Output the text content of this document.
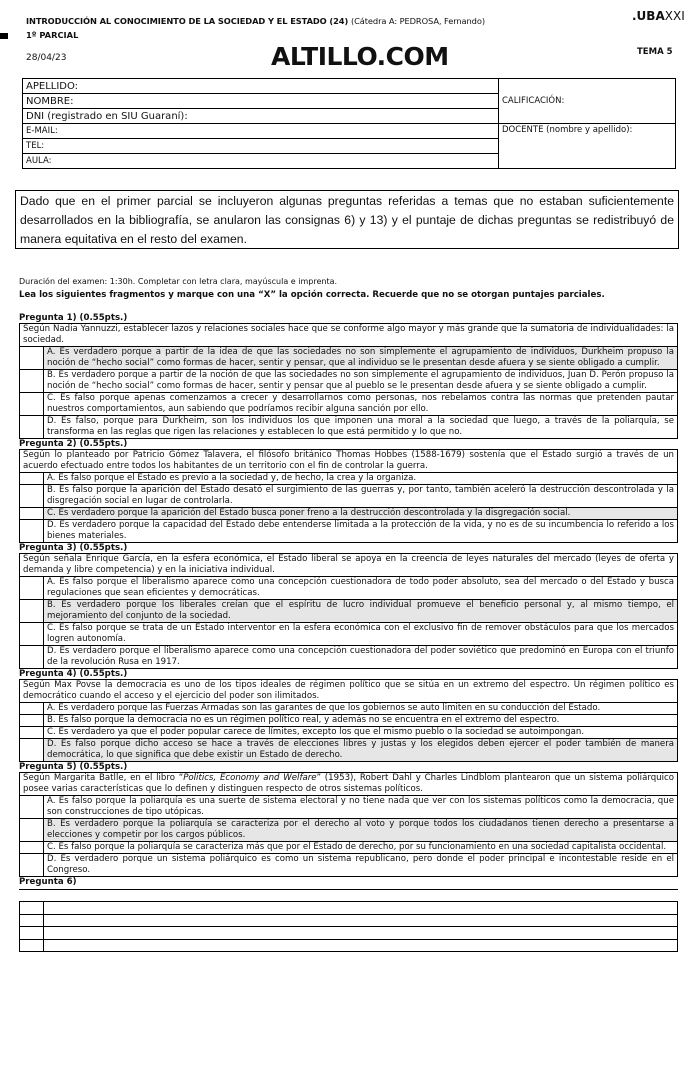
INTRODUCCIÓN AL CONOCIMIENTO DE LA SOCIEDAD Y EL ESTADO (24) (Cátedra A: PEDROSA, Fernando)
1º PARCIAL
.UBAXXI
28/04/23	ALTILLO.COM	TEMA 5
APELLIDO:	CALIFICACIÓN:
NOMBRE:	
DNI (registrado en SIU Guaraní):	
E-MAIL:	DOCENTE (nombre y apellido):
TEL:	
AULA:	
Dado que en el primer parcial se incluyeron algunas preguntas referidas a temas que no estaban suficientemente desarrollados en la bibliografía, se anularon las consignas 6) y 13) y el puntaje de dichas preguntas se redistribuyó de manera equitativa en el resto del examen.
Duración del examen: 1:30h. Completar con letra clara, mayúscula e imprenta.
Lea los siguientes fragmentos y marque con una “X” la opción correcta. Recuerde que no se otorgan puntajes parciales.
Pregunta 1) (0.55pts.)
Según Nadia Yannuzzi, establecer lazos y relaciones sociales hace que se conforme algo mayor y más grande que la sumatoria de individualidades: la sociedad.
A. Es verdadero porque a partir de la idea de que las sociedades no son simplemente el agrupamiento de individuos, Durkheim propuso la noción de “hecho social” como formas de hacer, sentir y pensar, que al individuo se le presentan desde afuera y se siente obligado a cumplir.
B. Es verdadero porque a partir de la noción de que las sociedades no son simplemente el agrupamiento de individuos, Juan D. Perón propuso la noción de “hecho social” como formas de hacer, sentir y pensar que al pueblo se le presentan desde afuera y se siente obligado a cumplir.
C. Es falso porque apenas comenzamos a crecer y desarrollarnos como personas, nos rebelamos contra las normas que pretenden pautar nuestros comportamientos, aun sabiendo que podríamos recibir alguna sanción por ello.
D. Es falso, porque para Durkheim, son los individuos los que imponen una moral a la sociedad que luego, a través de la poliarquía, se transforma en las reglas que rigen las relaciones y establecen lo que está permitido y lo que no.
Pregunta 2) (0.55pts.)
Según lo planteado por Patricio Gómez Talavera, el filósofo británico Thomas Hobbes (1588-1679) sostenía que el Estado surgió a través de un acuerdo efectuado entre todos los habitantes de un territorio con el fin de controlar la guerra.
A. Es falso porque el Estado es previo a la sociedad y, de hecho, la crea y la organiza.
B. Es falso porque la aparición del Estado desató el surgimiento de las guerras y, por tanto, también aceleró la destrucción descontrolada y la disgregación social en lugar de controlarla.
C. Es verdadero porque la aparición del Estado busca poner freno a la destrucción descontrolada y la disgregación social.
D. Es verdadero porque la capacidad del Estado debe entenderse limitada a la protección de la vida, y no es de su incumbencia lo referido a los bienes materiales.
Pregunta 3) (0.55pts.)
Según señala Enrique García, en la esfera económica, el Estado liberal se apoya en la creencia de leyes naturales del mercado (leyes de oferta y demanda y libre competencia) y en la iniciativa individual.
A. Es falso porque el liberalismo aparece como una concepción cuestionadora de todo poder absoluto, sea del mercado o del Estado y busca regulaciones que sean eficientes y democráticas.
B. Es verdadero porque los liberales creían que el espíritu de lucro individual promueve el beneficio personal y, al mismo tiempo, el mejoramiento del conjunto de la sociedad.
C. Es falso porque se trata de un Estado interventor en la esfera económica con el exclusivo fin de remover obstáculos para que los mercados logren autonomía.
D. Es verdadero porque el liberalismo aparece como una concepción cuestionadora del poder soviético que predominó en Europa con el triunfo de la revolución Rusa en 1917.
Pregunta 4) (0.55pts.)
Según Max Povse la democracia es uno de los tipos ideales de régimen político que se sitúa en un extremo del espectro. Un régimen político es democrático cuando el acceso y el ejercicio del poder son ilimitados.
A. Es verdadero porque las Fuerzas Armadas son las garantes de que los gobiernos se auto limiten en su conducción del Estado.
B. Es falso porque la democracia no es un régimen político real, y además no se encuentra en el extremo del espectro.
C. Es verdadero ya que el poder popular carece de límites, excepto los que el mismo pueblo o la sociedad se autoimpongan.
D. Es falso porque dicho acceso se hace a través de elecciones libres y justas y los elegidos deben ejercer el poder también de manera democrática, lo que significa que debe existir un Estado de derecho.
Pregunta 5) (0.55pts.)
Según Margarita Batlle, en el libro “Politics, Economy and Welfare” (1953), Robert Dahl y Charles Lindblom plantearon que un sistema poliárquico posee varias características que lo definen y distinguen respecto de otros sistemas políticos.
A. Es falso porque la poliarquía es una suerte de sistema electoral y no tiene nada que ver con los sistemas políticos como la democracia, que son construcciones de tipo utópicas.
B. Es verdadero porque la poliarquía se caracteriza por el derecho al voto y porque todos los ciudadanos tienen derecho a presentarse a elecciones y competir por los cargos públicos.
C. Es falso porque la poliarquía se caracteriza más que por el Estado de derecho, por su funcionamiento en una sociedad capitalista occidental.
D. Es verdadero porque un sistema poliárquico es como un sistema republicano, pero donde el poder principal e incontestable reside en el Congreso.
Pregunta 6)
